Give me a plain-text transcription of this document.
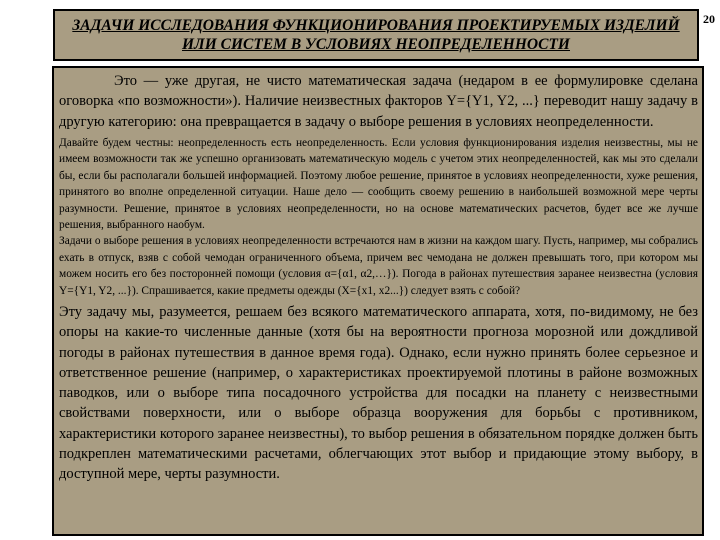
ЗАДАЧИ ИССЛЕДОВАНИЯ ФУНКЦИОНИРОВАНИЯ ПРОЕКТИРУЕМЫХ ИЗДЕЛИЙ ИЛИ СИСТЕМ В УСЛОВИЯХ НЕОПРЕДЕЛЕННОСТИ
20

Это — уже другая, не чисто математическая задача (недаром в ее формулировке сделана оговорка «по возможности»). Наличие неизвестных факторов Y={Y1, Y2, ...} переводит нашу задачу в другую категорию: она превращается в задачу о выборе решения в условиях неопределенности.

Давайте будем честны: неопределенность есть неопределенность. Если условия функционирования изделия неизвестны, мы не имеем возможности так же успешно организовать математическую модель с учетом этих неопределенностей, как мы это сделали бы, если бы располагали большей информацией. Поэтому любое решение, принятое в условиях неопределенности, хуже решения, принятого во вполне определенной ситуации. Наше дело — сообщить своему решению в наибольшей возможной мере черты разумности. Решение, принятое в условиях неопределенности, но на основе математических расчетов, будет все же лучше решения, выбранного наобум.

Задачи о выборе решения в условиях неопределенности встречаются нам в жизни на каждом шагу. Пусть, например, мы собрались ехать в отпуск, взяв с собой чемодан ограниченного объема, причем вес чемодана не должен превышать того, при котором мы можем носить его без посторонней помощи (условия α={α1, α2,…}). Погода в районах путешествия заранее неизвестна (условия Y={Y1, Y2, ...}). Спрашивается, какие предметы одежды (X={x1, x2...}) следует взять с собой?

Эту задачу мы, разумеется, решаем без всякого математического аппарата, хотя, по-видимому, не без опоры на какие-то численные данные (хотя бы на вероятности прогноза морозной или дождливой погоды в районах путешествия в данное время года). Однако, если нужно принять более серьезное и ответственное решение (например, о характеристиках проектируемой плотины в районе возможных паводков, или о выборе типа посадочного устройства для посадки на планету с неизвестными свойствами поверхности, или о выборе образца вооружения для борьбы с противником, характеристики которого заранее неизвестны), то выбор решения в обязательном порядке должен быть подкреплен математическими расчетами, облегчающих этот выбор и придающие этому выбору, в доступной мере, черты разумности.
